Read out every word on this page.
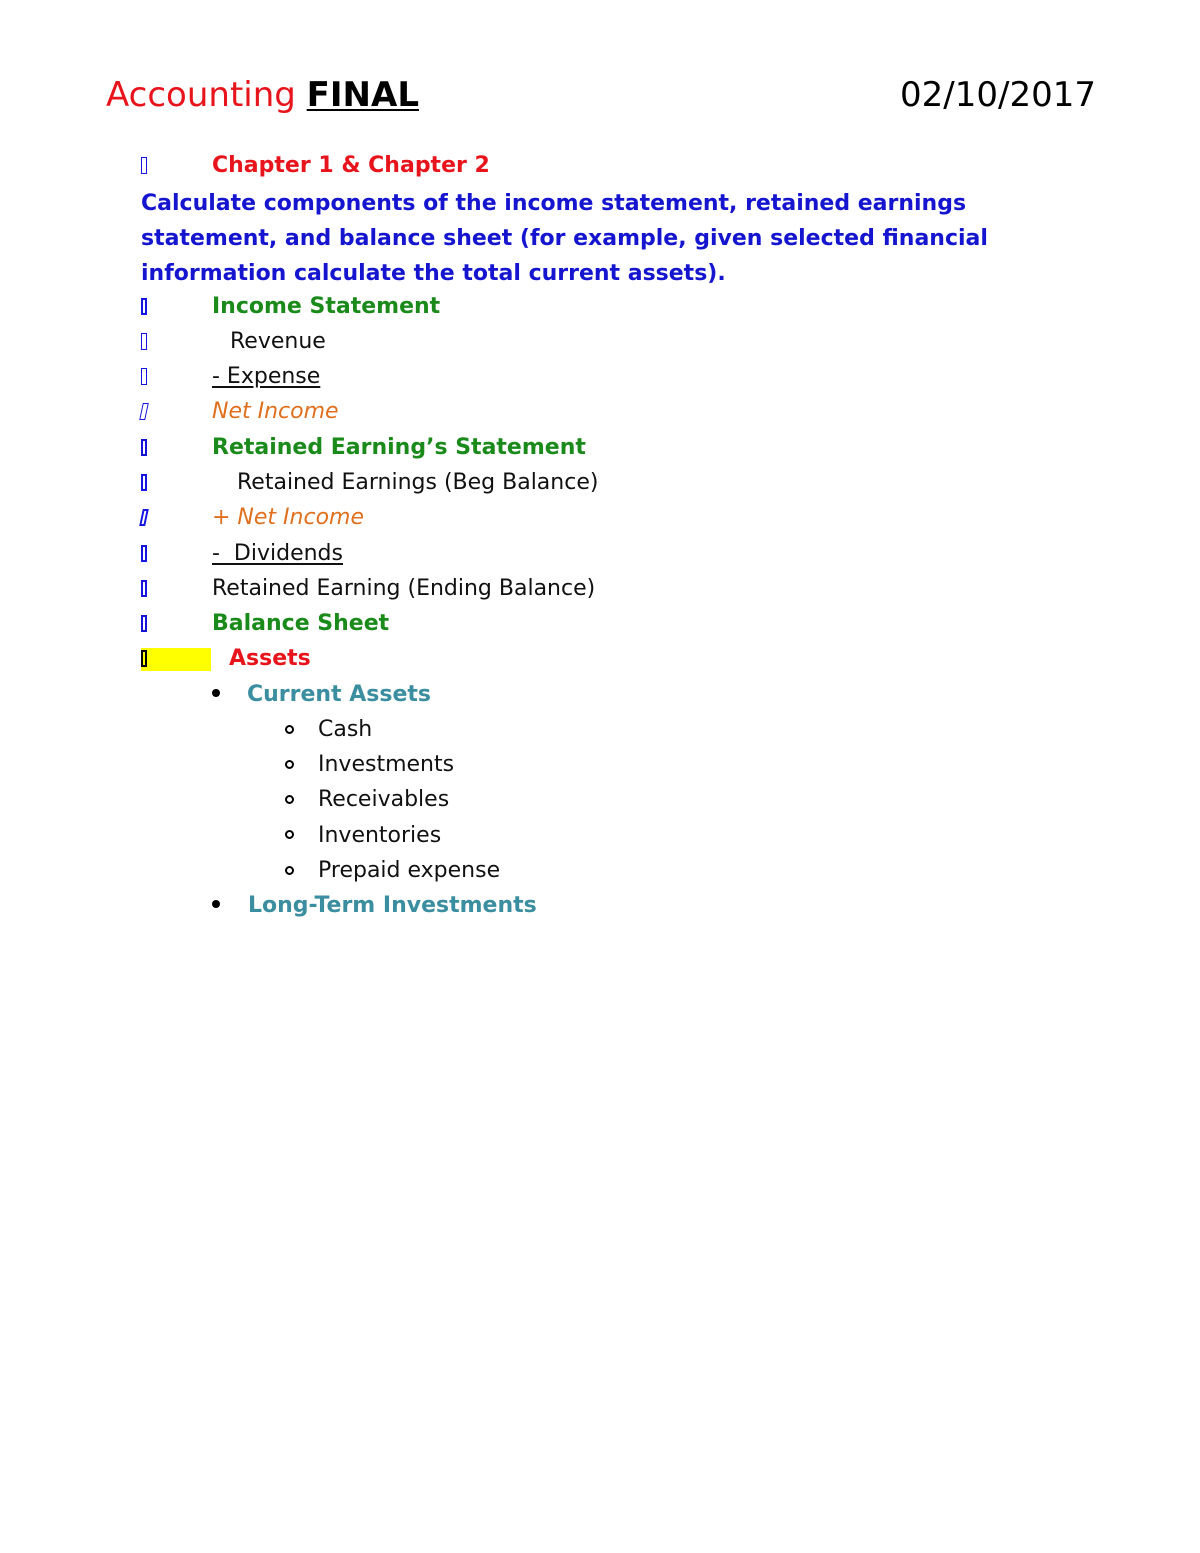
Accounting FINAL	02/10/2017
Chapter 1 & Chapter 2
Calculate components of the income statement, retained earnings statement, and balance sheet (for example, given selected financial information calculate the total current assets).
Income Statement
Revenue
- Expense
Net Income
Retained Earning’s Statement
Retained Earnings (Beg Balance)
+ Net Income
-  Dividends
Retained Earning (Ending Balance)
Balance Sheet
Assets
Current Assets
Cash
Investments
Receivables
Inventories
Prepaid expense
Long-Term Investments
